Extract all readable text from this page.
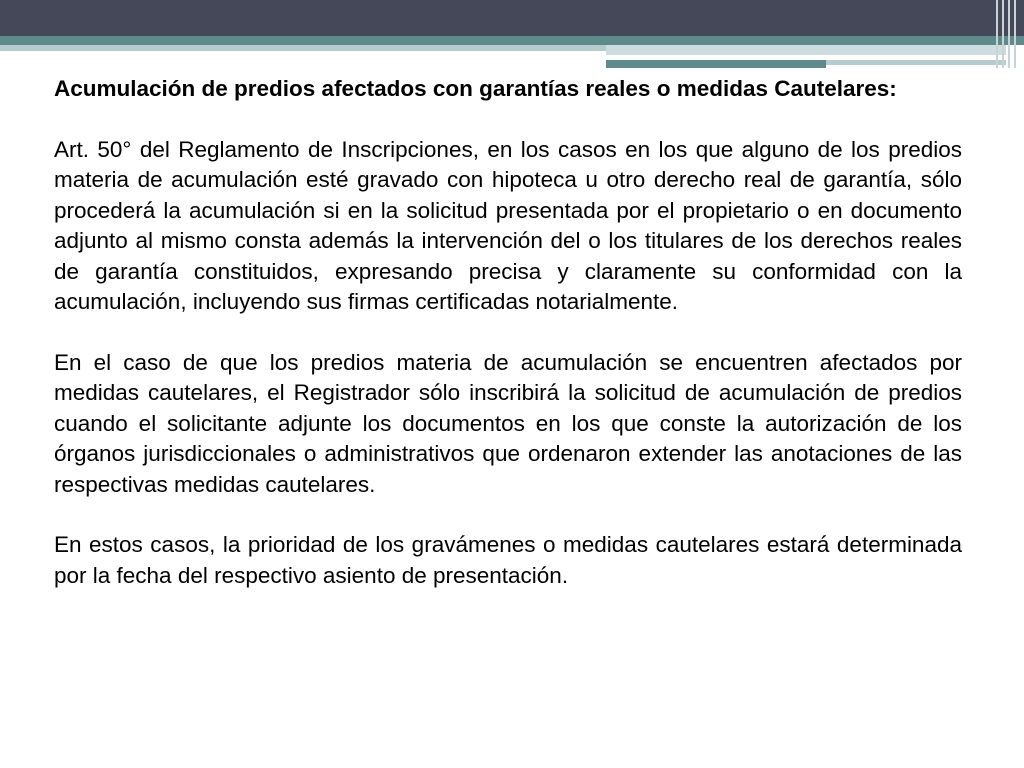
Acumulación de predios afectados con garantías reales o medidas Cautelares:

Art. 50° del Reglamento de Inscripciones, en los casos en los que alguno de los predios materia de acumulación esté gravado con hipoteca u otro derecho real de garantía, sólo procederá la acumulación si en la solicitud presentada por el propietario o en documento adjunto al mismo consta además la intervención del o los titulares de los derechos reales de garantía constituidos, expresando precisa y claramente su conformidad con la acumulación, incluyendo sus firmas certificadas notarialmente.

En el caso de que los predios materia de acumulación se encuentren afectados por medidas cautelares, el Registrador sólo inscribirá la solicitud de acumulación de predios cuando el solicitante adjunte los documentos en los que conste la autorización de los órganos jurisdiccionales o administrativos que ordenaron extender las anotaciones de las respectivas medidas cautelares.

En estos casos, la prioridad de los gravámenes o medidas cautelares estará determinada por la fecha del respectivo asiento de presentación.
